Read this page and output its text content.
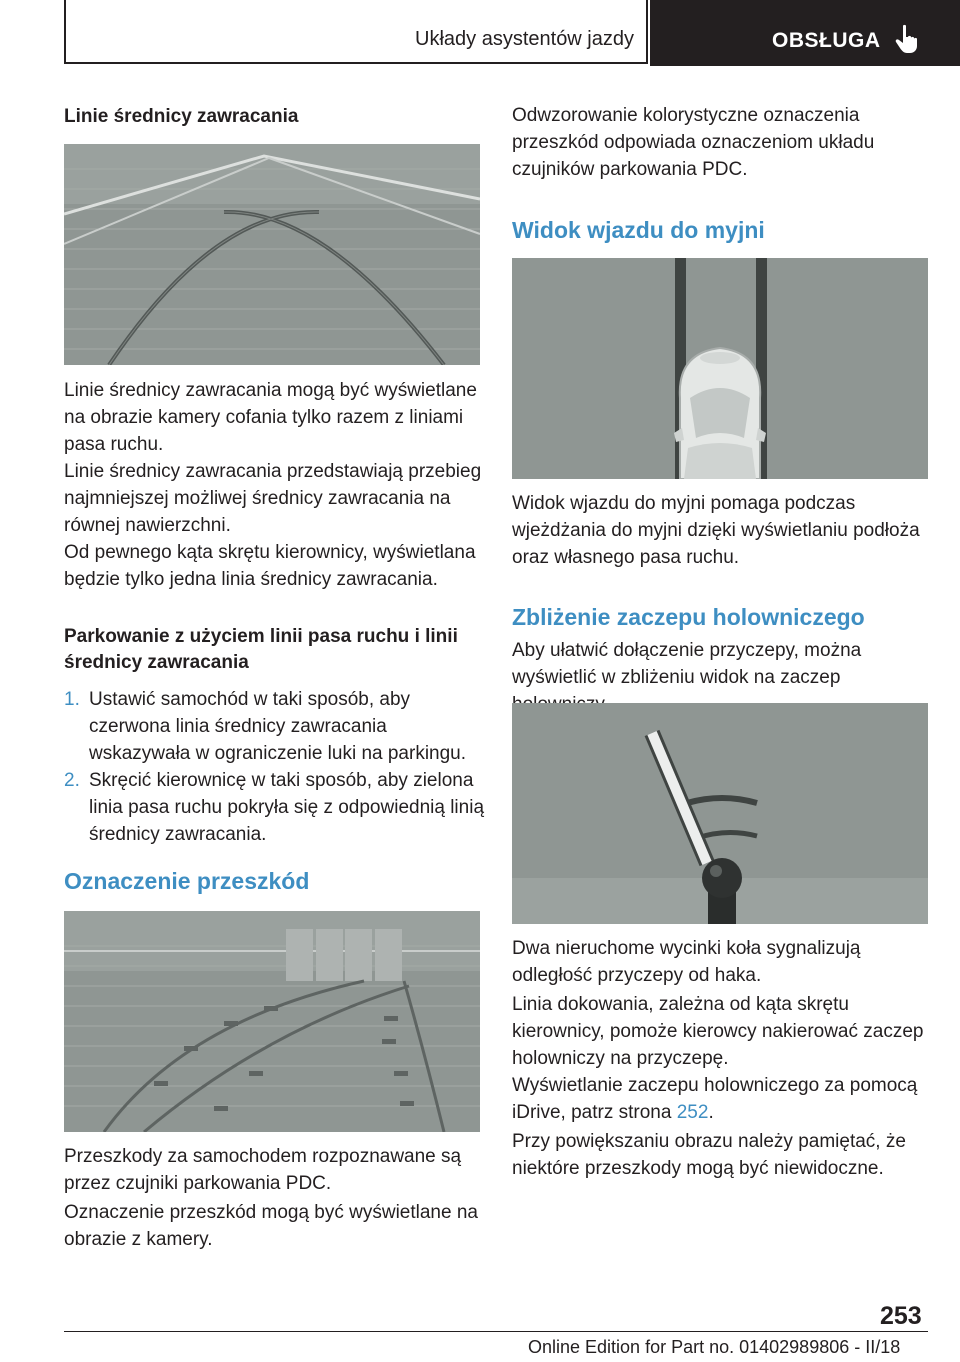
Układy asystentów jazdy	OBSŁUGA
Linie średnicy zawracania
Linie średnicy zawracania mogą być wyświetlane na obrazie kamery cofania tylko razem z liniami pasa ruchu.
Linie średnicy zawracania przedstawiają przebieg najmniejszej możliwej średnicy zawracania na równej nawierzchni.
Od pewnego kąta skrętu kierownicy, wyświetlana będzie tylko jedna linia średnicy zawracania.
Parkowanie z użyciem linii pasa ruchu i linii średnicy zawracania
1. Ustawić samochód w taki sposób, aby czerwona linia średnicy zawracania wskazywała w ograniczenie luki na parkingu.
2. Skręcić kierownicę w taki sposób, aby zielona linia pasa ruchu pokryła się z odpowiednią linią średnicy zawracania.
Oznaczenie przeszkód
Przeszkody za samochodem rozpoznawane są przez czujniki parkowania PDC.
Oznaczenie przeszkód mogą być wyświetlane na obrazie z kamery.
Odwzorowanie kolorystyczne oznaczenia przeszkód odpowiada oznaczeniom układu czujników parkowania PDC.
Widok wjazdu do myjni
Widok wjazdu do myjni pomaga podczas wjeżdżania do myjni dzięki wyświetlaniu podłoża oraz własnego pasa ruchu.
Zbliżenie zaczepu holowniczego
Aby ułatwić dołączenie przyczepy, można wyświetlić w zbliżeniu widok na zaczep
Dwa nieruchome wycinki koła sygnalizują odległość przyczepy od haka.
Linia dokowania, zależna od kąta skrętu kierownicy, pomoże kierowcy nakierować zaczep holowniczy na przyczepę.
Wyświetlanie zaczepu holowniczego za pomocą iDrive, patrz strona 252.
Przy powiększaniu obrazu należy pamiętać, że niektóre przeszkody mogą być niewidoczne.
253
Online Edition for Part no. 01402989806 - II/18
